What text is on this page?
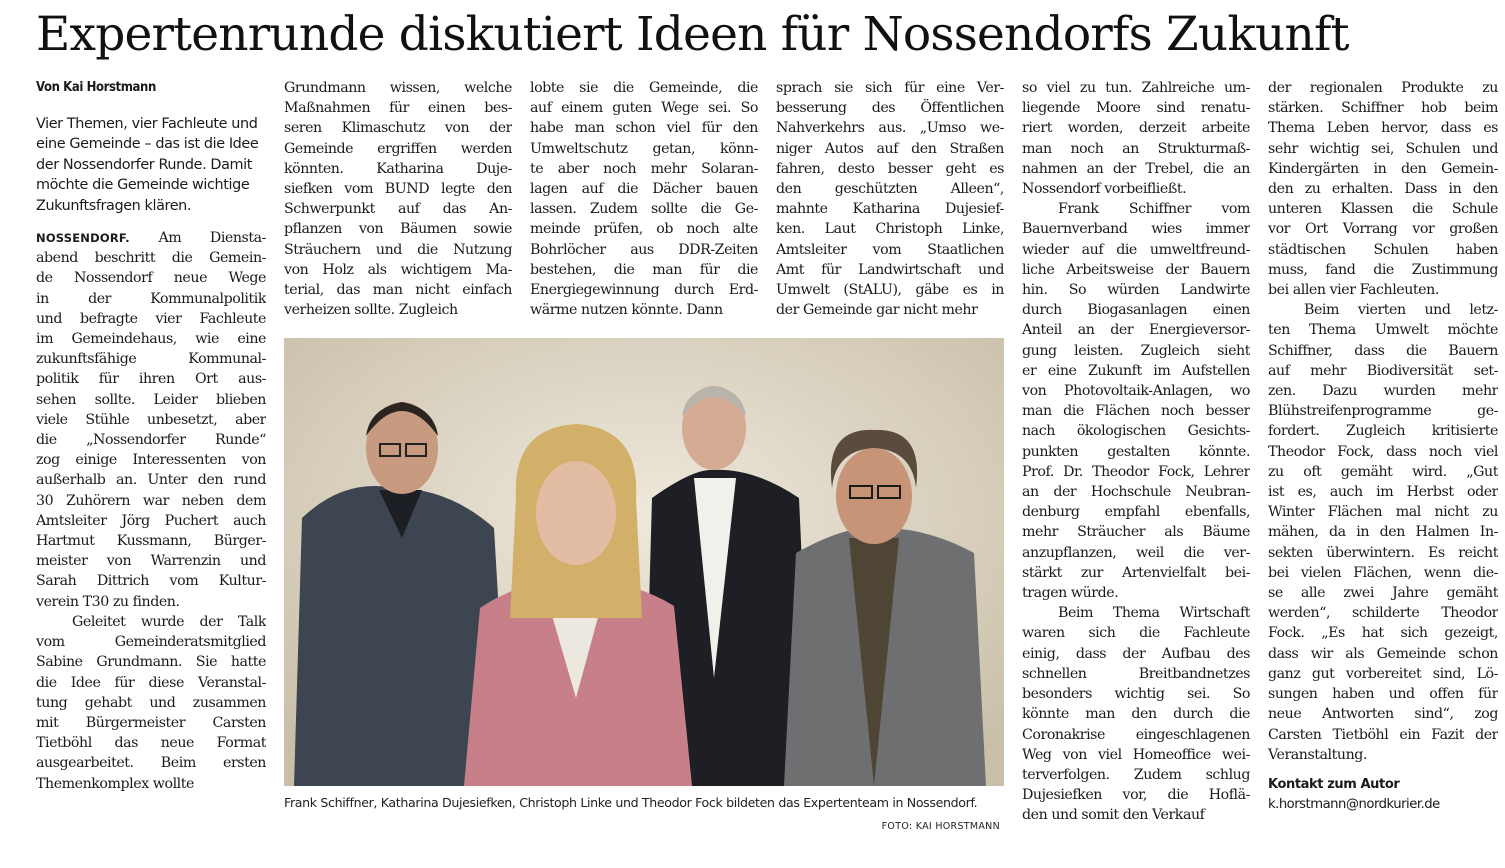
Expertenrunde diskutiert Ideen für Nossendorfs Zukunft
Von Kai Horstmann
Vier Themen, vier Fachleute und eine Gemeinde – das ist die Idee der Nossendorfer Runde. Damit möchte die Gemeinde wichtige Zukunftsfragen klären.
NOSSENDORF. Am Diensta-
abend beschritt die Gemein-
de Nossendorf neue Wege
in der Kommunalpolitik
und befragte vier Fachleute
im Gemeindehaus, wie eine
zukunftsfähige Kommunal-
politik für ihren Ort aus-
sehen sollte. Leider blieben
viele Stühle unbesetzt, aber
die „Nossendorfer Runde“
zog einige Interessenten von
außerhalb an. Unter den rund
30 Zuhörern war neben dem
Amtsleiter Jörg Puchert auch
Hartmut Kussmann, Bürger-
meister von Warrenzin und
Sarah Dittrich vom Kultur-
verein T30 zu finden.
Geleitet wurde der Talk
vom Gemeinderatsmitglied
Sabine Grundmann. Sie hatte
die Idee für diese Veranstal-
tung gehabt und zusammen
mit Bürgermeister Carsten
Tietböhl das neue Format
ausgearbeitet. Beim ersten
Themenkomplex wollte
Grundmann wissen, welche
Maßnahmen für einen bes-
seren Klimaschutz von der
Gemeinde ergriffen werden
könnten. Katharina Duje-
siefken vom BUND legte den
Schwerpunkt auf das An-
pflanzen von Bäumen sowie
Sträuchern und die Nutzung
von Holz als wichtigem Ma-
terial, das man nicht einfach
verheizen sollte. Zugleich
lobte sie die Gemeinde, die
auf einem guten Wege sei. So
habe man schon viel für den
Umweltschutz getan, könn-
te aber noch mehr Solaran-
lagen auf die Dächer bauen
lassen. Zudem sollte die Ge-
meinde prüfen, ob noch alte
Bohrlöcher aus DDR-Zeiten
bestehen, die man für die
Energiegewinnung durch Erd-
wärme nutzen könnte. Dann
sprach sie sich für eine Ver-
besserung des Öffentlichen
Nahverkehrs aus. „Umso we-
niger Autos auf den Straßen
fahren, desto besser geht es
den geschützten Alleen“,
mahnte Katharina Dujesief-
ken. Laut Christoph Linke,
Amtsleiter vom Staatlichen
Amt für Landwirtschaft und
Umwelt (StALU), gäbe es in
der Gemeinde gar nicht mehr
so viel zu tun. Zahlreiche um-
liegende Moore sind renatu-
riert worden, derzeit arbeite
man noch an Strukturmaß-
nahmen an der Trebel, die an
Nossendorf vorbeifließt.
Frank Schiffner vom
Bauernverband wies immer
wieder auf die umweltfreund-
liche Arbeitsweise der Bauern
hin. So würden Landwirte
durch Biogasanlagen einen
Anteil an der Energieversor-
gung leisten. Zugleich sieht
er eine Zukunft im Aufstellen
von Photovoltaik-Anlagen, wo
man die Flächen noch besser
nach ökologischen Gesichts-
punkten gestalten könnte.
Prof. Dr. Theodor Fock, Lehrer
an der Hochschule Neubran-
denburg empfahl ebenfalls,
mehr Sträucher als Bäume
anzupflanzen, weil die ver-
stärkt zur Artenvielfalt bei-
tragen würde.
Beim Thema Wirtschaft
waren sich die Fachleute
einig, dass der Aufbau des
schnellen Breitbandnetzes
besonders wichtig sei. So
könnte man den durch die
Coronakrise eingeschlagenen
Weg von viel Homeoffice wei-
terverfolgen. Zudem schlug
Dujesiefken vor, die Hoflä-
den und somit den Verkauf
der regionalen Produkte zu
stärken. Schiffner hob beim
Thema Leben hervor, dass es
sehr wichtig sei, Schulen und
Kindergärten in den Gemein-
den zu erhalten. Dass in den
unteren Klassen die Schule
vor Ort Vorrang vor großen
städtischen Schulen haben
muss, fand die Zustimmung
bei allen vier Fachleuten.
Beim vierten und letz-
ten Thema Umwelt möchte
Schiffner, dass die Bauern
auf mehr Biodiversität set-
zen. Dazu wurden mehr
Blühstreifenprogramme ge-
fordert. Zugleich kritisierte
Theodor Fock, dass noch viel
zu oft gemäht wird. „Gut
ist es, auch im Herbst oder
Winter Flächen mal nicht zu
mähen, da in den Halmen In-
sekten überwintern. Es reicht
bei vielen Flächen, wenn die-
se alle zwei Jahre gemäht
werden“, schilderte Theodor
Fock. „Es hat sich gezeigt,
dass wir als Gemeinde schon
ganz gut vorbereitet sind, Lö-
sungen haben und offen für
neue Antworten sind“, zog
Carsten Tietböhl ein Fazit der
Veranstaltung.
Kontakt zum Autor
k.horstmann@nordkurier.de
Frank Schiffner, Katharina Dujesiefken, Christoph Linke und Theodor Fock bildeten das Expertenteam in Nossendorf.
FOTO: KAI HORSTMANN
